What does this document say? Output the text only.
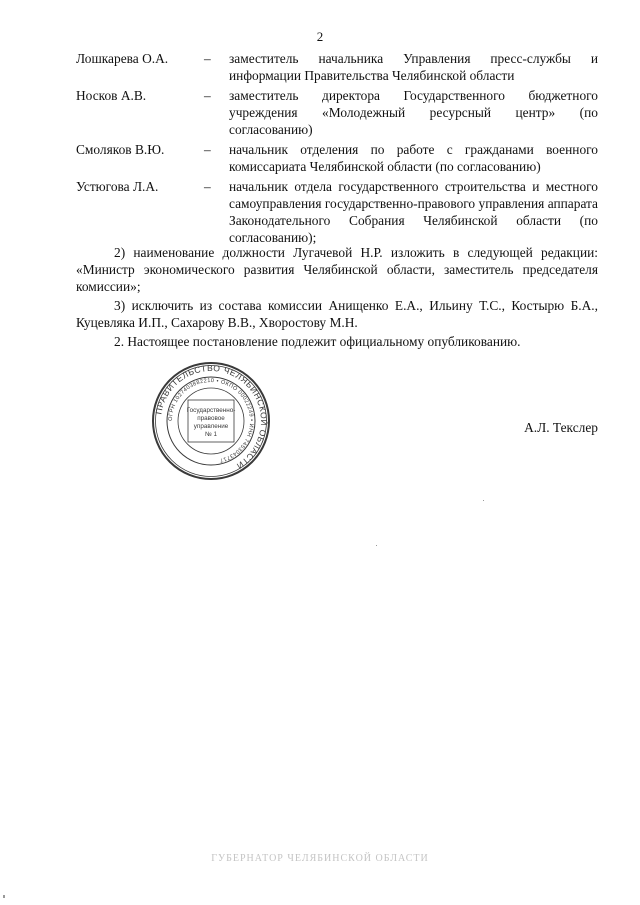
2
Лошкарева О.А.	–	заместитель начальника Управления пресс-службы и информации Правительства Челябинской области
Носков А.В.	–	заместитель директора Государственного бюджетного учреждения «Молодежный ресурсный центр» (по согласованию)
Смоляков В.Ю.	–	начальник отделения по работе с гражданами военного комиссариата Челябинской области (по согласованию)
Устюгова Л.А.	–	начальник отдела государственного строительства и местного самоуправления государственно-правового управления аппарата Законодательного Собрания Челябинской области (по согласованию);

2) наименование должности Лугачевой Н.Р. изложить в следующей редакции: «Министр экономического развития Челябинской области, заместитель председателя комиссии»;

3) исключить из состава комиссии Анищенко Е.А., Ильину Т.С., Костырю Б.А., Куцевляка И.П., Сахарову В.В., Хворостову М.Н.

2. Настоящее постановление подлежит официальному опубликованию.

ПРАВИТЕЛЬСТВО ЧЕЛЯБИНСКОЙ ОБЛАСТИ
ОГРН 1027403882210 • ОКПО 00022249 • ИНН 7453043717
Государственно-правовое управление № 1	А.Л. Текслер
ГУБЕРНАТОР ЧЕЛЯБИНСКОЙ ОБЛАСТИ
